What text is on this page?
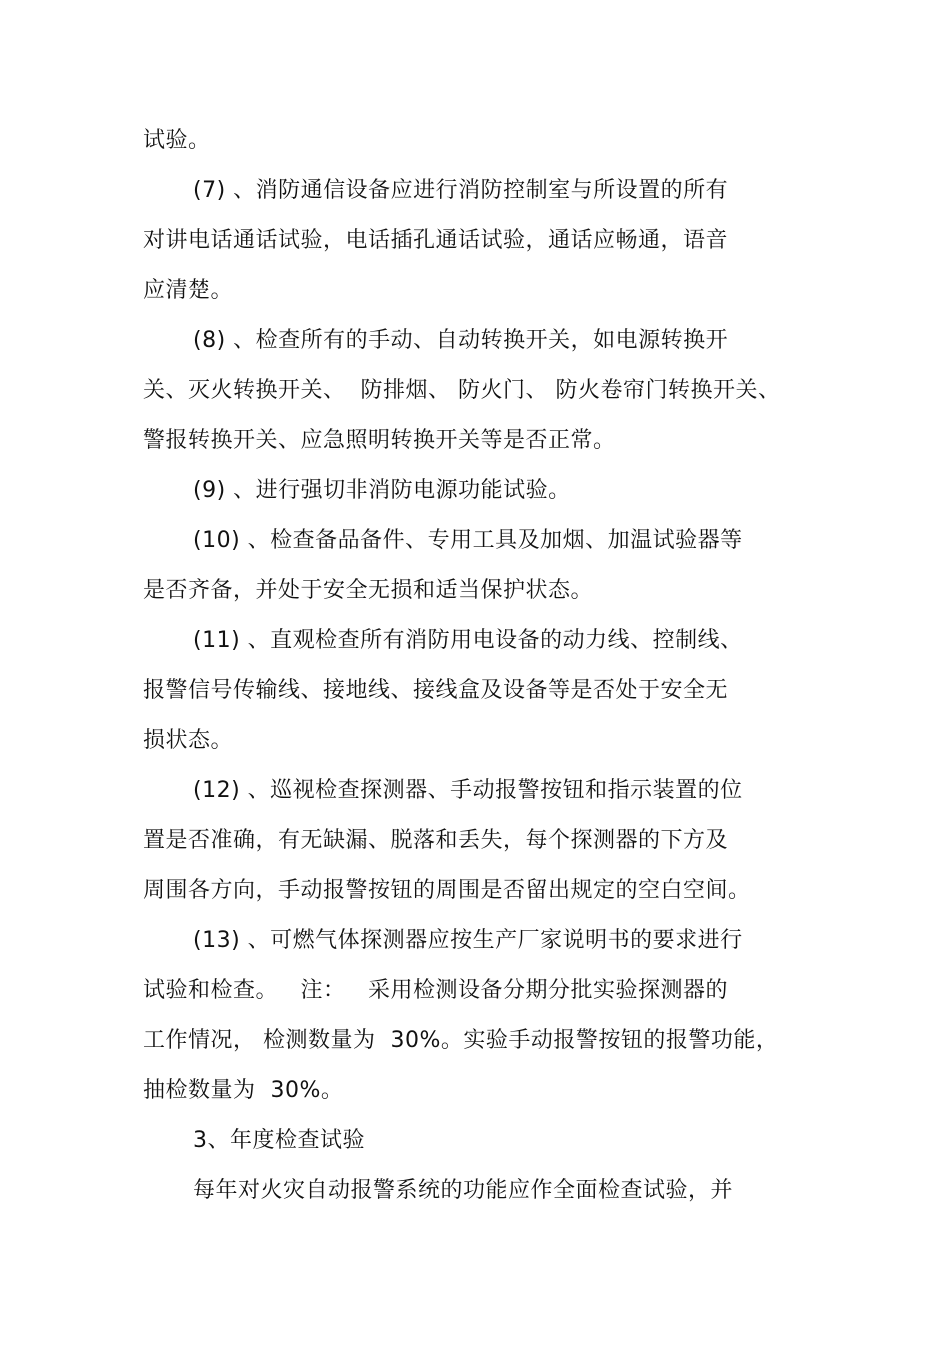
试验。
(7) 、消防通信设备应进行消防控制室与所设置的所有
对讲电话通话试验，电话插孔通话试验，通话应畅通，语音
应清楚。
(8) 、检查所有的手动、自动转换开关，如电源转换开
关、灭火转换开关、  防排烟、 防火门、 防火卷帘门转换开关、
警报转换开关、应急照明转换开关等是否正常。
(9) 、进行强切非消防电源功能试验。
(10) 、检查备品备件、专用工具及加烟、加温试验器等
是否齐备，并处于安全无损和适当保护状态。
(11) 、直观检查所有消防用电设备的动力线、控制线、
报警信号传输线、接地线、接线盒及设备等是否处于安全无
损状态。
(12) 、巡视检查探测器、手动报警按钮和指示装置的位
置是否准确，有无缺漏、脱落和丢失，每个探测器的下方及
周围各方向，手动报警按钮的周围是否留出规定的空白空间。
(13) 、可燃气体探测器应按生产厂家说明书的要求进行
试验和检查。   注：   采用检测设备分期分批实验探测器的
工作情况， 检测数量为  30%。实验手动报警按钮的报警功能，
抽检数量为  30%。
3、年度检查试验
每年对火灾自动报警系统的功能应作全面检查试验，并
